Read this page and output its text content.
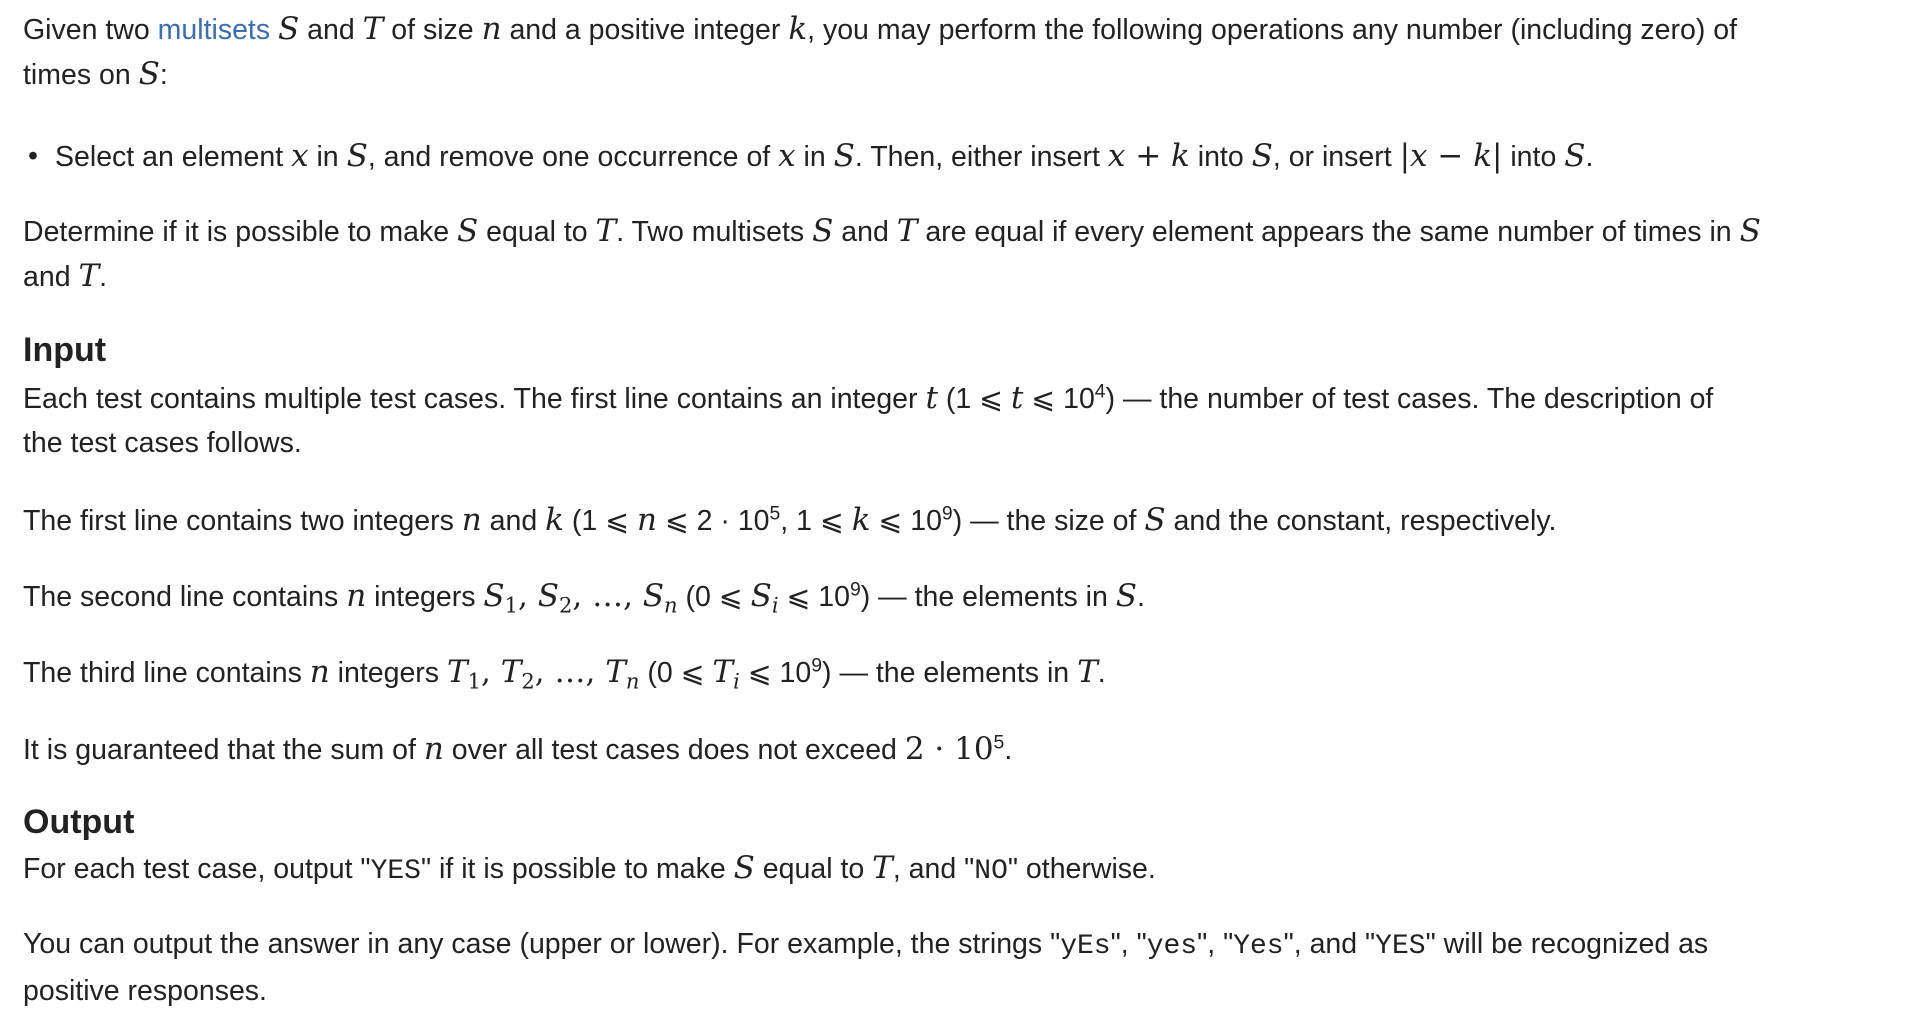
Given two multisets S and T of size n and a positive integer k, you may perform the following operations any number (including zero) of
times on S:
• Select an element x in S, and remove one occurrence of x in S. Then, either insert x + k into S, or insert |x − k| into S.
Determine if it is possible to make S equal to T. Two multisets S and T are equal if every element appears the same number of times in S
and T.
Input
Each test contains multiple test cases. The first line contains an integer t (1 ⩽ t ⩽ $10^4$) — the number of test cases. The description of
the test cases follows.
The first line contains two integers n and k (1 ⩽ n ⩽ $2 \cdot 10^5$, 1 ⩽ k ⩽ $10^9$) — the size of S and the constant, respectively.
The second line contains n integers $S_1$, $S_2$, …, $S_n$ (0 ⩽ $S_i$ ⩽ $10^9$) — the elements in S.
The third line contains n integers $T_1$, $T_2$, …, $T_n$ (0 ⩽ $T_i$ ⩽ $10^9$) — the elements in T.
It is guaranteed that the sum of n over all test cases does not exceed $2 \cdot 10^5$.
Output
For each test case, output "YES" if it is possible to make S equal to T, and "NO" otherwise.
You can output the answer in any case (upper or lower). For example, the strings "yEs", "yes", "Yes", and "YES" will be recognized as
positive responses.
